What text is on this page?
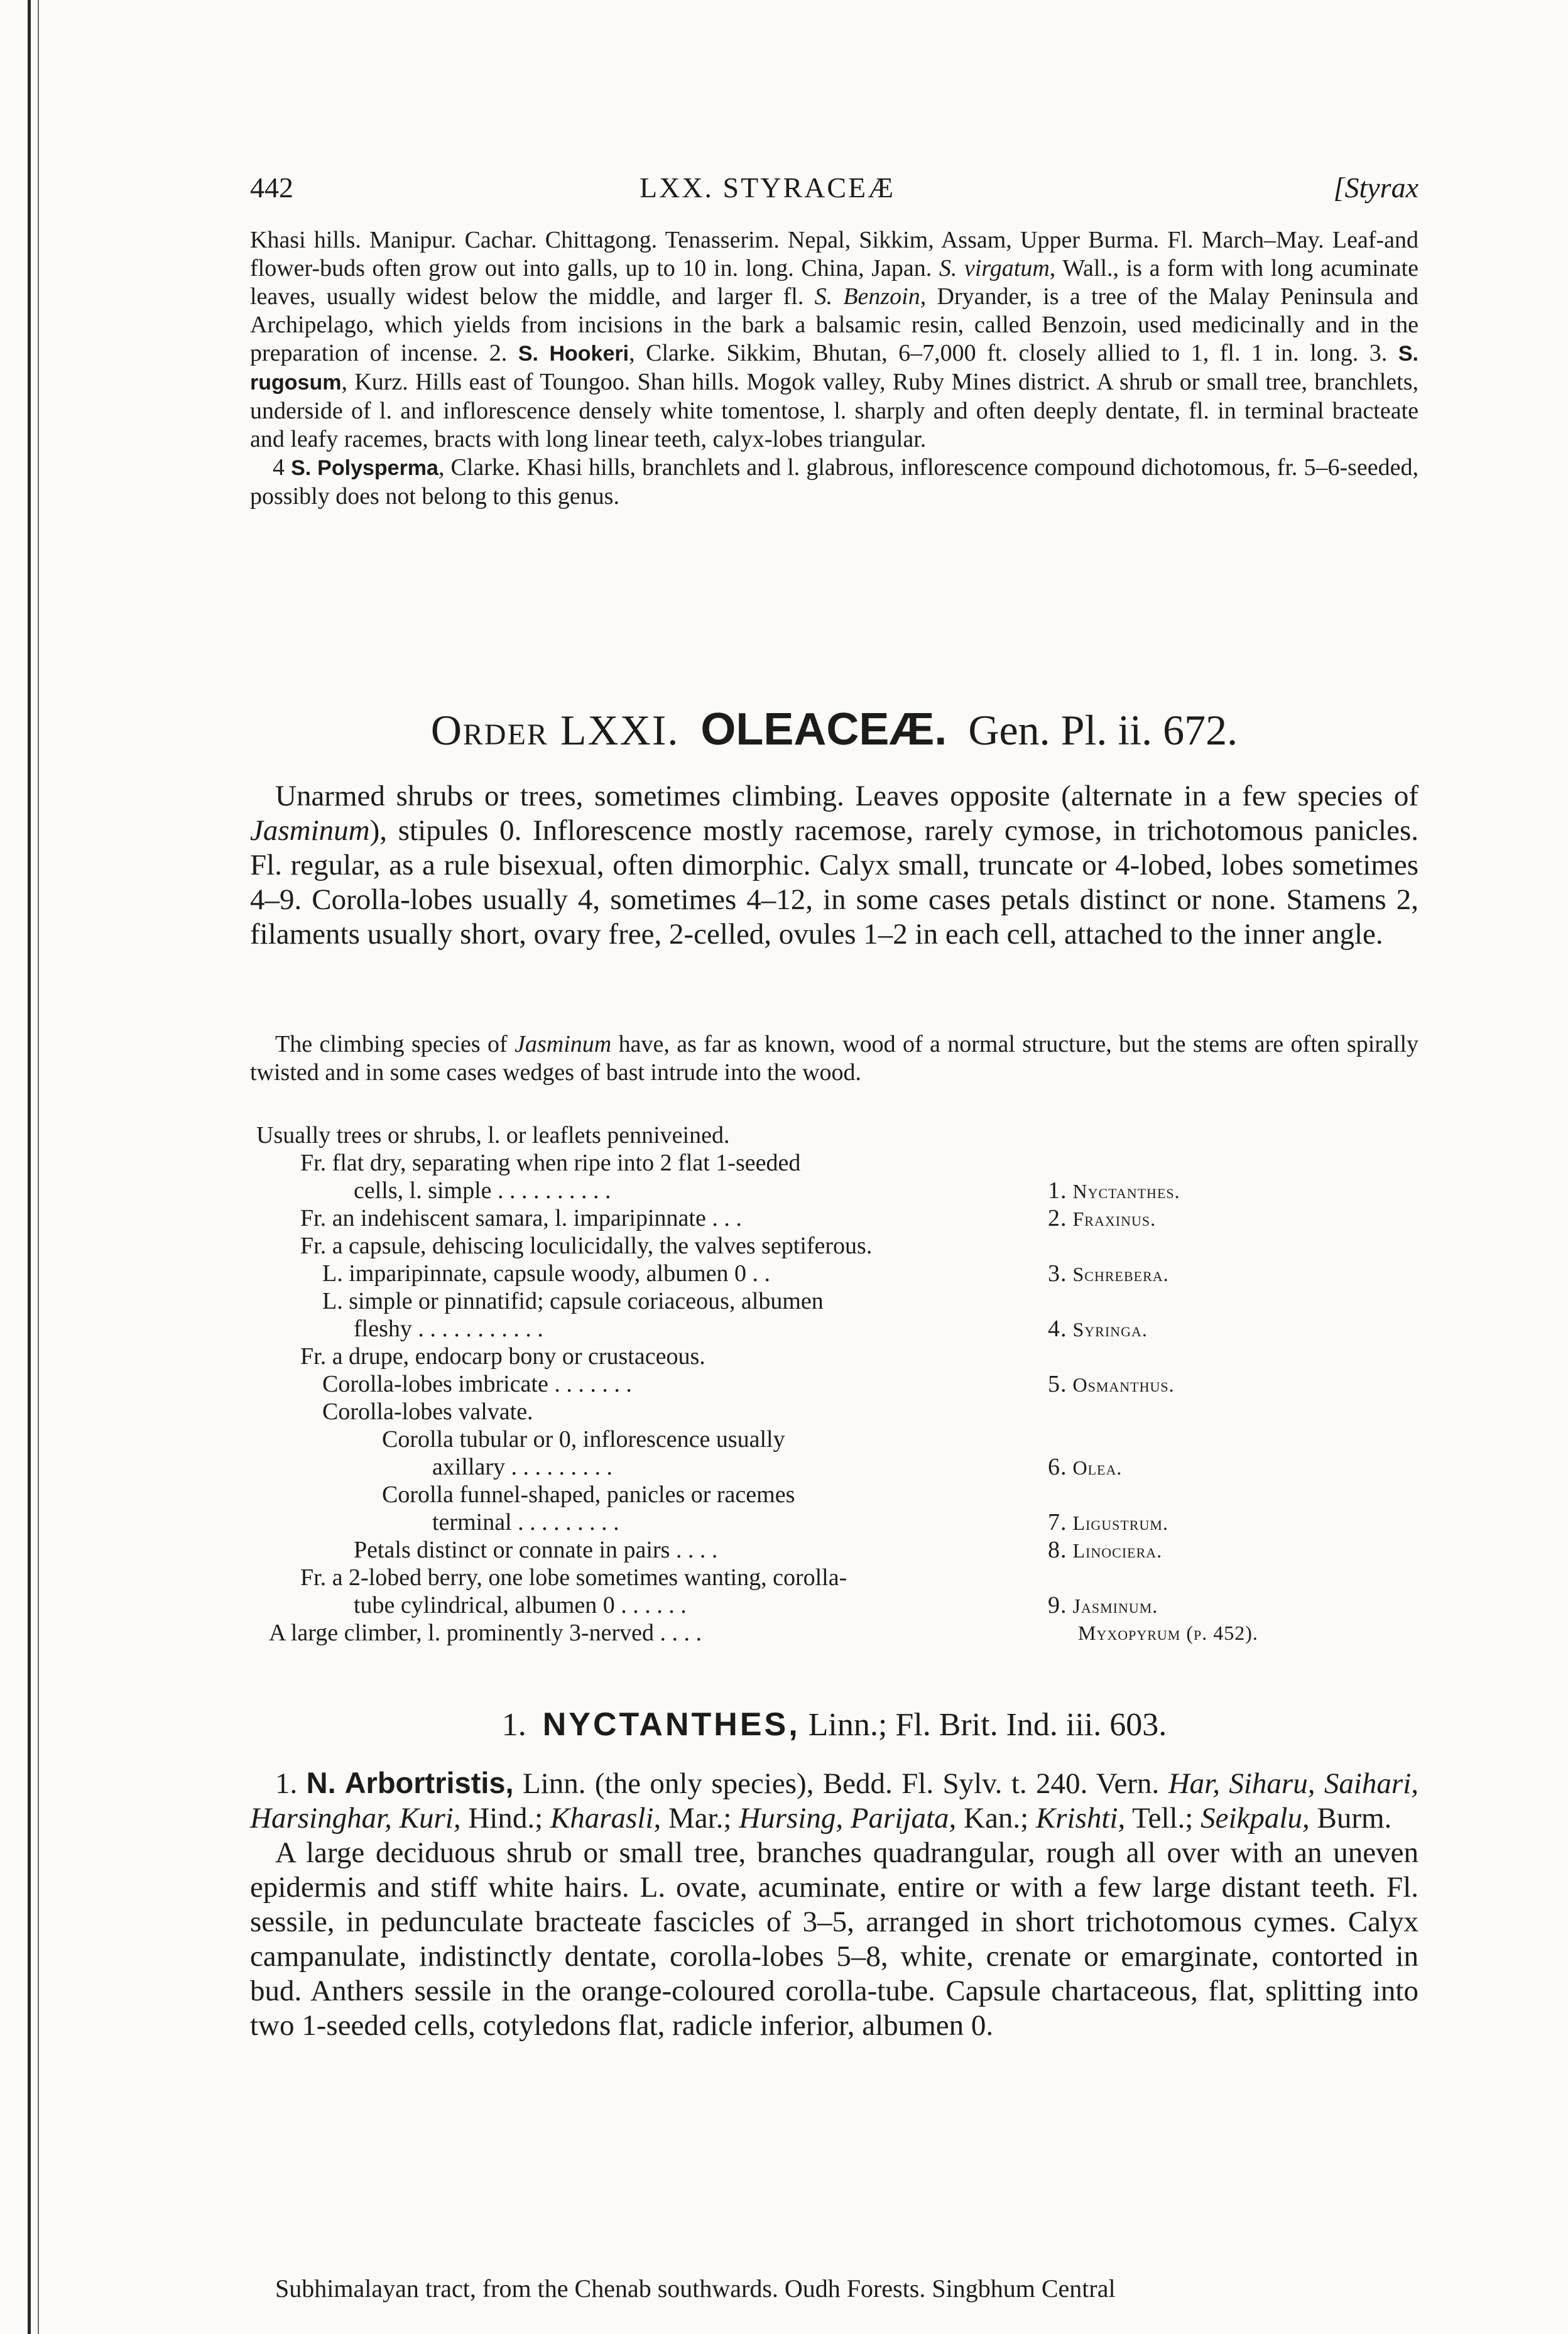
442	LXX. STYRACEÆ	[Styrax

Khasi hills. Manipur. Cachar. Chittagong. Tenasserim. Nepal, Sikkim, Assam, Upper Burma. Fl. March–May. Leaf-and flower-buds often grow out into galls, up to 10 in. long. China, Japan. S. virgatum, Wall., is a form with long acuminate leaves, usually widest below the middle, and larger fl. S. Benzoin, Dryander, is a tree of the Malay Peninsula and Archipelago, which yields from incisions in the bark a balsamic resin, called Benzoin, used medicinally and in the preparation of incense. 2. S. Hookeri, Clarke. Sikkim, Bhutan, 6–7,000 ft. closely allied to 1, fl. 1 in. long. 3. S. rugosum, Kurz. Hills east of Toungoo. Shan hills. Mogok valley, Ruby Mines district. A shrub or small tree, branchlets, underside of l. and inflorescence densely white tomentose, l. sharply and often deeply dentate, fl. in terminal bracteate and leafy racemes, bracts with long linear teeth, calyx-lobes triangular.

4 S. Polysperma, Clarke. Khasi hills, branchlets and l. glabrous, inflorescence compound dichotomous, fr. 5–6-seeded, possibly does not belong to this genus.

Order LXXI. OLEACEÆ. Gen. Pl. ii. 672.

Unarmed shrubs or trees, sometimes climbing. Leaves opposite (alternate in a few species of Jasminum), stipules 0. Inflorescence mostly racemose, rarely cymose, in trichotomous panicles. Fl. regular, as a rule bisexual, often dimorphic. Calyx small, truncate or 4-lobed, lobes sometimes 4–9. Corolla-lobes usually 4, sometimes 4–12, in some cases petals distinct or none. Stamens 2, filaments usually short, ovary free, 2-celled, ovules 1–2 in each cell, attached to the inner angle.

The climbing species of Jasminum have, as far as known, wood of a normal structure, but the stems are often spirally twisted and in some cases wedges of bast intrude into the wood.

Usually trees or shrubs, l. or leaflets penniveined.
Fr. flat dry, separating when ripe into 2 flat 1-seeded
cells, l. simple . . . . . . . . . .	1. Nyctanthes.
Fr. an indehiscent samara, l. imparipinnate . . .	2. Fraxinus.
Fr. a capsule, dehiscing loculicidally, the valves septiferous.
L. imparipinnate, capsule woody, albumen 0 . .	3. Schrebera.
L. simple or pinnatifid; capsule coriaceous, albumen
fleshy . . . . . . . . . . .	4. Syringa.
Fr. a drupe, endocarp bony or crustaceous.
Corolla-lobes imbricate . . . . . . .	5. Osmanthus.
Corolla-lobes valvate.
Corolla tubular or 0, inflorescence usually
axillary . . . . . . . . .	6. Olea.
Corolla funnel-shaped, panicles or racemes
terminal . . . . . . . . .	7. Ligustrum.
Petals distinct or connate in pairs . . . .	8. Linociera.
Fr. a 2-lobed berry, one lobe sometimes wanting, corolla-
tube cylindrical, albumen 0 . . . . . .	9. Jasminum.
A large climber, l. prominently 3-nerved . . . .	Myxopyrum (p. 452).
1. NYCTANTHES, Linn.; Fl. Brit. Ind. iii. 603.

1. N. Arbortristis, Linn. (the only species), Bedd. Fl. Sylv. t. 240. Vern. Har, Siharu, Saihari, Harsinghar, Kuri, Hind.; Kharasli, Mar.; Hursing, Parijata, Kan.; Krishti, Tell.; Seikpalu, Burm.

A large deciduous shrub or small tree, branches quadrangular, rough all over with an uneven epidermis and stiff white hairs. L. ovate, acuminate, entire or with a few large distant teeth. Fl. sessile, in pedunculate bracteate fascicles of 3–5, arranged in short trichotomous cymes. Calyx campanulate, indistinctly dentate, corolla-lobes 5–8, white, crenate or emarginate, contorted in bud. Anthers sessile in the orange-coloured corolla-tube. Capsule chartaceous, flat, splitting into two 1-seeded cells, cotyledons flat, radicle inferior, albumen 0.

Subhimalayan tract, from the Chenab southwards. Oudh Forests. Singbhum Central
